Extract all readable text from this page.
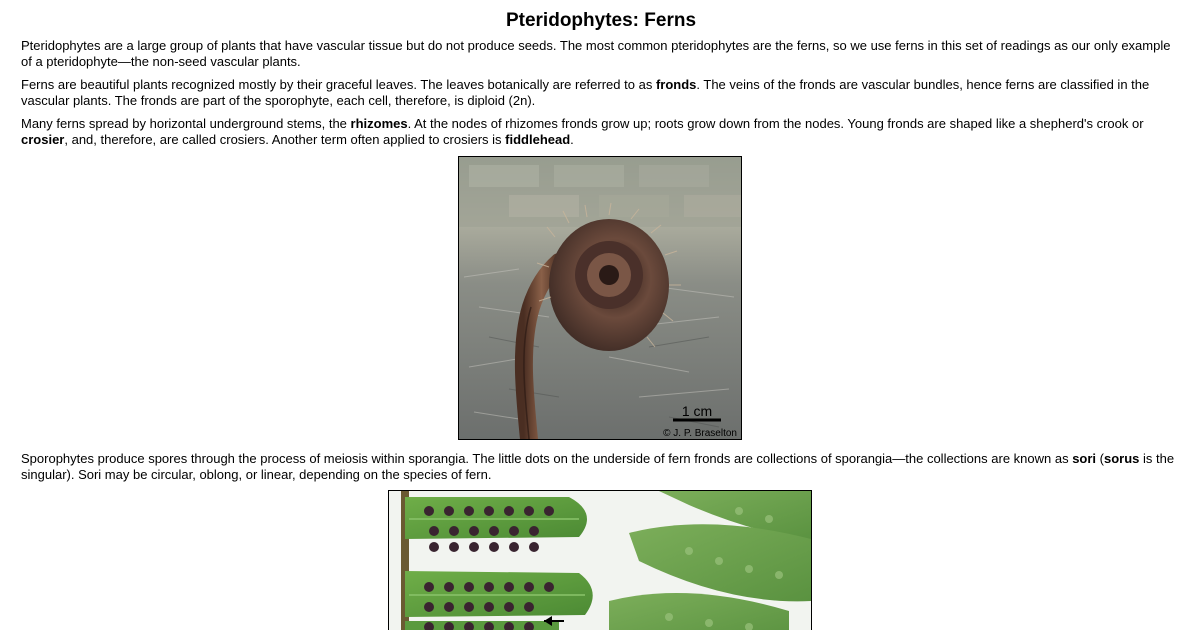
Pteridophytes: Ferns

Pteridophytes are a large group of plants that have vascular tissue but do not produce seeds. The most common pteridophytes are the ferns, so we use ferns in this set of readings as our only example of a pteridophyte—the non-seed vascular plants.

Ferns are beautiful plants recognized mostly by their graceful leaves. The leaves botanically are referred to as fronds. The veins of the fronds are vascular bundles, hence ferns are classified in the vascular plants. The fronds are part of the sporophyte, each cell, therefore, is diploid (2n).

Many ferns spread by horizontal underground stems, the rhizomes. At the nodes of rhizomes fronds grow up; roots grow down from the nodes. Young fronds are shaped like a shepherd's crook or crosier, and, therefore, are called crosiers. Another term often applied to crosiers is fiddlehead.

1 cm
© J. P. Braselton

Sporophytes produce spores through the process of meiosis within sporangia. The little dots on the underside of fern fronds are collections of sporangia—the collections are known as sori (sorus is the singular). Sori may be circular, oblong, or linear, depending on the species of fern.
